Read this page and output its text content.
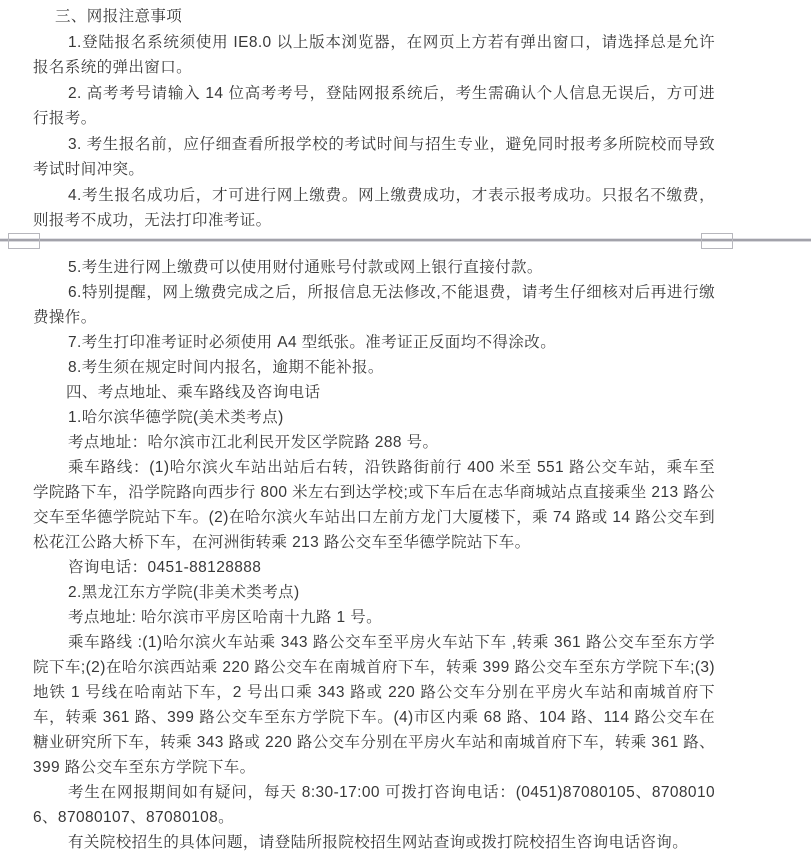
三、网报注意事项

1.登陆报名系统须使用 IE8.0 以上版本浏览器，在网页上方若有弹出窗口，请选择总是允许报名系统的弹出窗口。

2. 高考考号请输入 14 位高考考号，登陆网报系统后，考生需确认个人信息无误后，方可进行报考。

3. 考生报名前，应仔细查看所报学校的考试时间与招生专业，避免同时报考多所院校而导致考试时间冲突。

4.考生报名成功后，才可进行网上缴费。网上缴费成功，才表示报考成功。只报名不缴费，则报考不成功，无法打印准考证。

5.考生进行网上缴费可以使用财付通账号付款或网上银行直接付款。

6.特别提醒，网上缴费完成之后，所报信息无法修改,不能退费，请考生仔细核对后再进行缴费操作。

7.考生打印准考证时必须使用 A4 型纸张。准考证正反面均不得涂改。

8.考生须在规定时间内报名，逾期不能补报。

四、考点地址、乘车路线及咨询电话

1.哈尔滨华德学院(美术类考点)

考点地址：哈尔滨市江北利民开发区学院路 288 号。

乘车路线：(1)哈尔滨火车站出站后右转，沿铁路街前行 400 米至 551 路公交车站，乘车至学院路下车，沿学院路向西步行 800 米左右到达学校;或下车后在志华商城站点直接乘坐 213 路公交车至华德学院站下车。(2)在哈尔滨火车站出口左前方龙门大厦楼下，乘 74 路或 14 路公交车到松花江公路大桥下车，在河洲街转乘 213 路公交车至华德学院站下车。

咨询电话：0451-88128888

2.黑龙江东方学院(非美术类考点)

考点地址: 哈尔滨市平房区哈南十九路 1 号。

乘车路线 :(1)哈尔滨火车站乘 343 路公交车至平房火车站下车 ,转乘 361 路公交车至东方学院下车;(2)在哈尔滨西站乘 220 路公交车在南城首府下车，转乘 399 路公交车至东方学院下车;(3)地铁 1 号线在哈南站下车，2 号出口乘 343 路或 220 路公交车分别在平房火车站和南城首府下车，转乘 361 路、399 路公交车至东方学院下车。(4)市区内乘 68 路、104 路、114 路公交车在糖业研究所下车，转乘 343 路或 220 路公交车分别在平房火车站和南城首府下车，转乘 361 路、399 路公交车至东方学院下车。

考生在网报期间如有疑问，每天 8:30-17:00 可拨打咨询电话：(0451)87080105、87080106、87080107、87080108。

有关院校招生的具体问题，请登陆所报院校招生网站查询或拨打院校招生咨询电话咨询。
